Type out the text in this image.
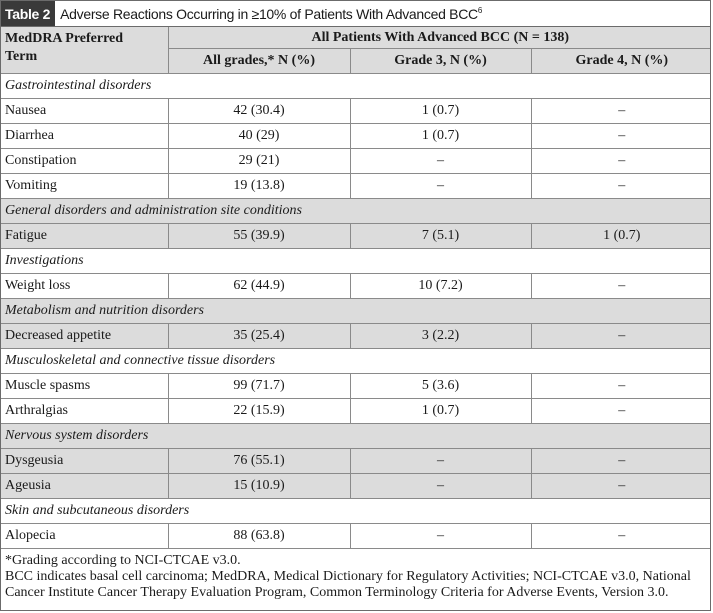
Table 2 Adverse Reactions Occurring in ≥10% of Patients With Advanced BCC$^6$
MedDRA Preferred
Term	All Patients With Advanced BCC (N = 138)		
	All grades,* N (%)	Grade 3, N (%)	Grade 4, N (%)
Gastrointestinal disorders			
Nausea	42 (30.4)	1 (0.7)	–
Diarrhea	40 (29)	1 (0.7)	–
Constipation	29 (21)	–	–
Vomiting	19 (13.8)	–	–
General disorders and administration site conditions			
Fatigue	55 (39.9)	7 (5.1)	1 (0.7)
Investigations			
Weight loss	62 (44.9)	10 (7.2)	–
Metabolism and nutrition disorders			
Decreased appetite	35 (25.4)	3 (2.2)	–
Musculoskeletal and connective tissue disorders			
Muscle spasms	99 (71.7)	5 (3.6)	–
Arthralgias	22 (15.9)	1 (0.7)	–
Nervous system disorders			
Dysgeusia	76 (55.1)	–	–
Ageusia	15 (10.9)	–	–
Skin and subcutaneous disorders			
Alopecia	88 (63.8)	–	–

*Grading according to NCI-CTCAE v3.0.

BCC indicates basal cell carcinoma; MedDRA, Medical Dictionary for Regulatory Activities; NCI-CTCAE v3.0, National Cancer Institute Cancer Therapy Evaluation Program, Common Terminology Criteria for Adverse Events, Version 3.0.
